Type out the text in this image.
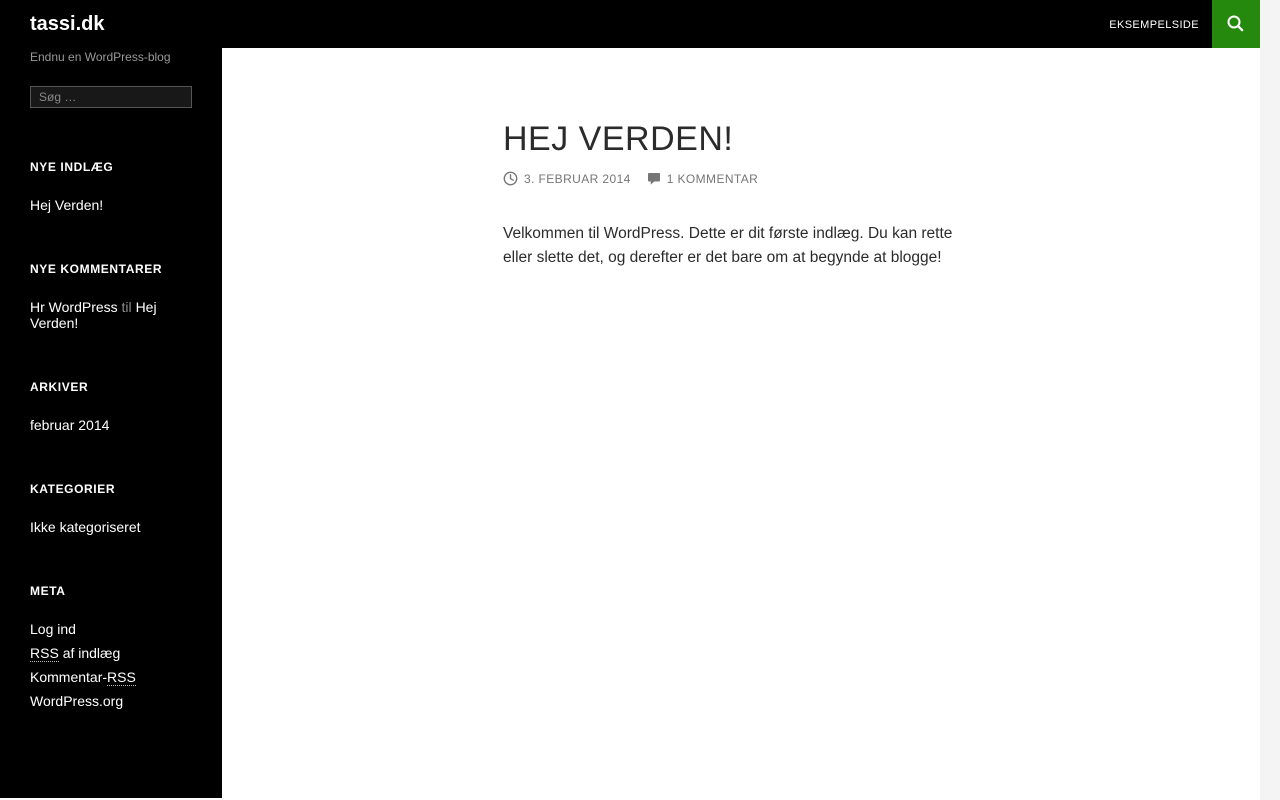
tassi.dk	EKSEMPELSIDE

Endnu en WordPress-blog

Søg …
NYE INDLÆG
Hej Verden!
NYE KOMMENTARER
Hr WordPress til Hej Verden!
ARKIVER
februar 2014
KATEGORIER
Ikke kategoriseret
META
Log ind
RSS af indlæg
Kommentar-RSS
WordPress.org
HEJ VERDEN!
3. FEBRUAR 2014	1 KOMMENTAR

Velkommen til WordPress. Dette er dit første indlæg. Du kan rette eller slette det, og derefter er det bare om at begynde at blogge!
